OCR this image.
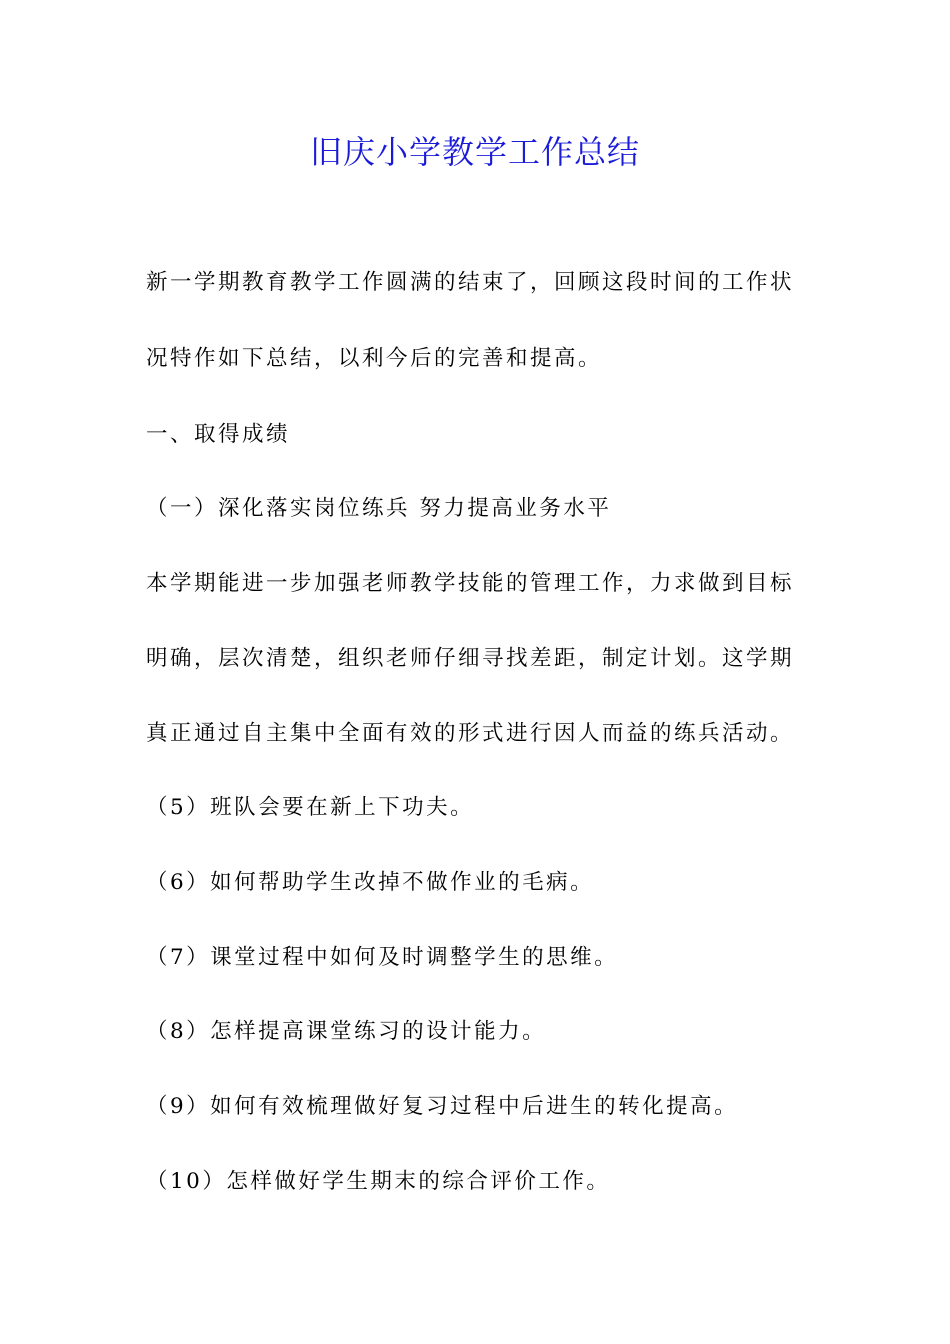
旧庆小学教学工作总结
新一学期教育教学工作圆满的结束了，回顾这段时间的工作状
况特作如下总结，以利今后的完善和提高。
一、取得成绩
（一）深化落实岗位练兵 努力提高业务水平
本学期能进一步加强老师教学技能的管理工作，力求做到目标
明确，层次清楚，组织老师仔细寻找差距，制定计划。这学期
真正通过自主集中全面有效的形式进行因人而益的练兵活动。
（5）班队会要在新上下功夫。
（6）如何帮助学生改掉不做作业的毛病。
（7）课堂过程中如何及时调整学生的思维。
（8）怎样提高课堂练习的设计能力。
（9）如何有效梳理做好复习过程中后进生的转化提高。
（10）怎样做好学生期末的综合评价工作。
